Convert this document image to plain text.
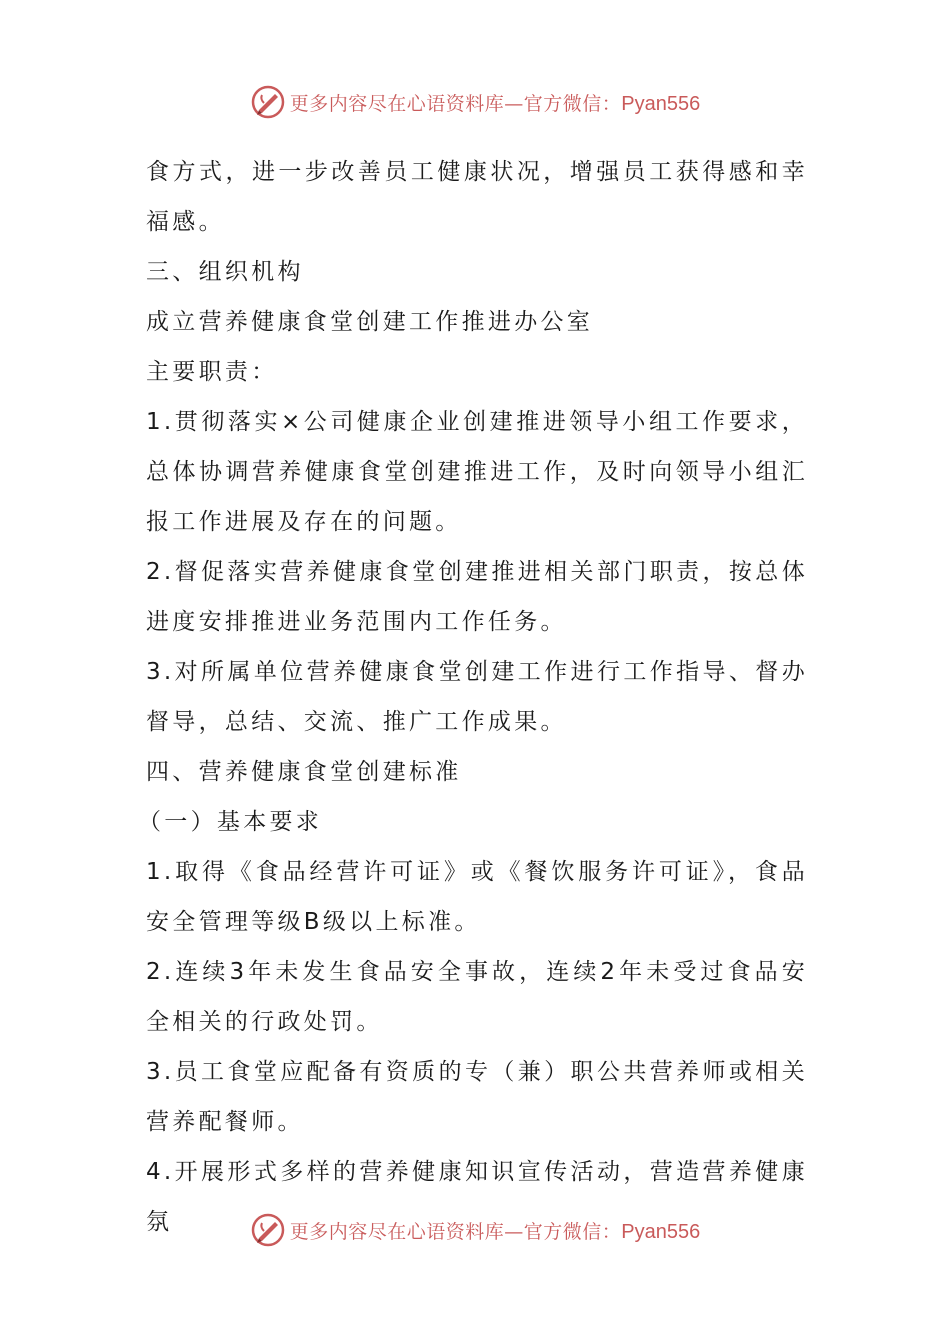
更多内容尽在心语资料库—官方微信：Pyan556

食方式，进一步改善员工健康状况，增强员工获得感和幸福感。

三、组织机构

成立营养健康食堂创建工作推进办公室

主要职责：

1.贯彻落实×公司健康企业创建推进领导小组工作要求，总体协调营养健康食堂创建推进工作，及时向领导小组汇报工作进展及存在的问题。

2.督促落实营养健康食堂创建推进相关部门职责，按总体进度安排推进业务范围内工作任务。

3.对所属单位营养健康食堂创建工作进行工作指导、督办督导，总结、交流、推广工作成果。

四、营养健康食堂创建标准

（一）基本要求

1.取得《食品经营许可证》或《餐饮服务许可证》，食品安全管理等级B级以上标准。

2.连续3年未发生食品安全事故，连续2年未受过食品安全相关的行政处罚。

3.员工食堂应配备有资质的专（兼）职公共营养师或相关营养配餐师。

4.开展形式多样的营养健康知识宣传活动，营造营养健康氛	更多内容尽在心语资料库—官方微信：Pyan556
